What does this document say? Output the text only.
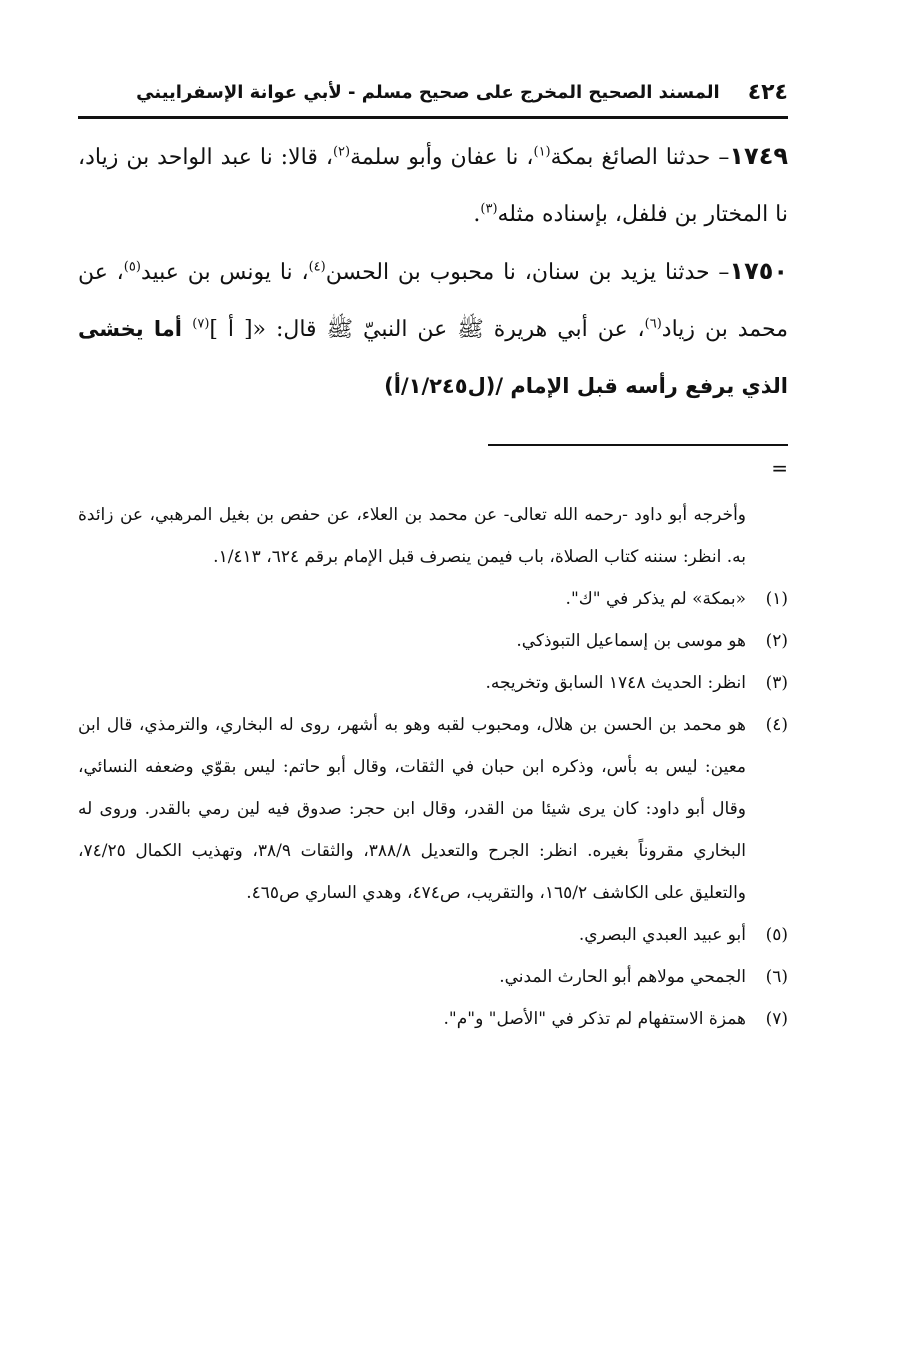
٤٢٤
المسند الصحيح المخرج على صحيح مسلم - لأبي عوانة الإسفراييني

١٧٤٩– حدثنا الصائغ بمكة$^{(١)}$، نا عفان وأبو سلمة$^{(٢)}$، قالا: نا عبد الواحد بن زياد، نا المختار بن فلفل، بإسناده مثله$^{(٣)}$.

١٧٥٠– حدثنا يزيد بن سنان، نا محبوب بن الحسن$^{(٤)}$، نا يونس بن عبيد$^{(٥)}$، عن محمد بن زياد$^{(٦)}$، عن أبي هريرة ﷺ عن النبيّ ﷺ قال: «[ أ ]$^{(٧)}$ أما يخشى الذي يرفع رأسه قبل الإمام /(ل١/٢٤٥/أ)

=

وأخرجه أبو داود -رحمه الله تعالى- عن محمد بن العلاء، عن حفص بن بغيل المرهبي، عن زائدة به. انظر: سننه كتاب الصلاة، باب فيمن ينصرف قبل الإمام برقم ٦٢٤، ١/٤١٣.

(١)«بمكة» لم يذكر في "ك".

(٢)هو موسى بن إسماعيل التبوذكي.

(٣)انظر: الحديث ١٧٤٨ السابق وتخريجه.

(٤)هو محمد بن الحسن بن هلال، ومحبوب لقبه وهو به أشهر، روى له البخاري، والترمذي، قال ابن معين: ليس به بأس، وذكره ابن حبان في الثقات، وقال أبو حاتم: ليس بقوّي وضعفه النسائي، وقال أبو داود: كان يرى شيئا من القدر، وقال ابن حجر: صدوق فيه لين رمي بالقدر. وروى له البخاري مقروناً بغيره. انظر: الجرح والتعديل ٣٨٨/٨، والثقات ٣٨/٩، وتهذيب الكمال ٧٤/٢٥، والتعليق على الكاشف ١٦٥/٢، والتقريب، ص٤٧٤، وهدي الساري ص٤٦٥.

(٥)أبو عبيد العبدي البصري.

(٦)الجمحي مولاهم أبو الحارث المدني.

(٧)همزة الاستفهام لم تذكر في "الأصل" و"م".
